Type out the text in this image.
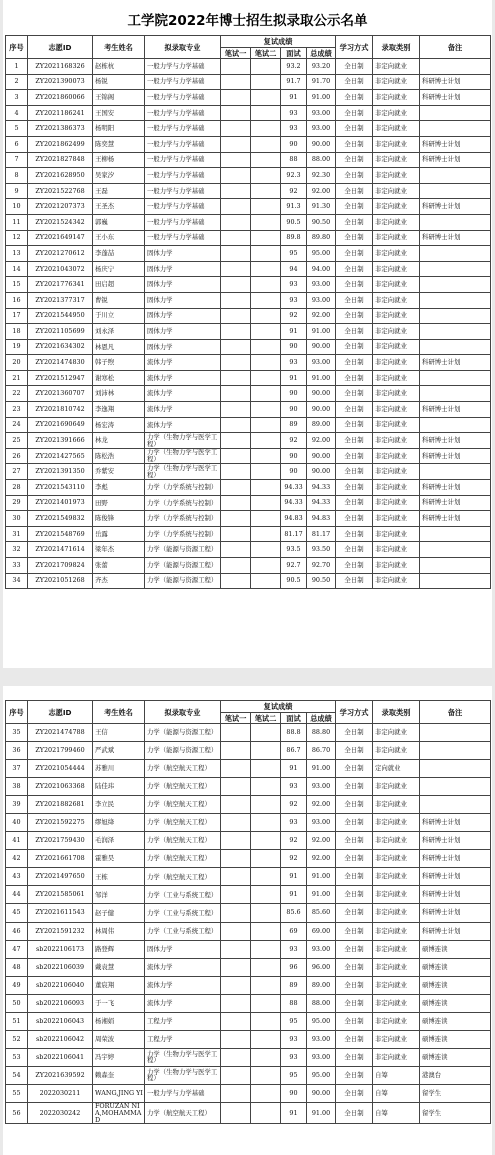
工学院2022年博士招生拟录取公示名单
序号	志愿ID	考生姓名	拟录取专业	复试成绩				学习方式	录取类别	备注
				笔试一	笔试二	面试	总成绩			
1	ZY2021168326	赵栋杭	一般力学与力学基础			93.2	93.20	全日制	非定向就业	
2	ZY2021390073	杨锐	一般力学与力学基础			91.7	91.70	全日制	非定向就业	科研博士计划
3	ZY2021860066	王锦阁	一般力学与力学基础			91	91.00	全日制	非定向就业	科研博士计划
4	ZY2021186241	王国安	一般力学与力学基础			93	93.00	全日制	非定向就业	
5	ZY2021386373	杨明阳	一般力学与力学基础			93	93.00	全日制	非定向就业	
6	ZY2021862499	陈奕慧	一般力学与力学基础			90	90.00	全日制	非定向就业	科研博士计划
7	ZY2021827848	王柳杨	一般力学与力学基础			88	88.00	全日制	非定向就业	科研博士计划
8	ZY2021628950	吴家汐	一般力学与力学基础			92.3	92.30	全日制	非定向就业	
9	ZY2021522768	王磊	一般力学与力学基础			92	92.00	全日制	非定向就业	
10	ZY2021207373	王圣杰	一般力学与力学基础			91.3	91.30	全日制	非定向就业	科研博士计划
11	ZY2021524342	郭巍	一般力学与力学基础			90.5	90.50	全日制	非定向就业	
12	ZY2021649147	王小东	一般力学与力学基础			89.8	89.80	全日制	非定向就业	科研博士计划
13	ZY2021270612	李蓬喆	固体力学			95	95.00	全日制	非定向就业	
14	ZY2021043072	杨庆宁	固体力学			94	94.00	全日制	非定向就业	
15	ZY2021776341	田启超	固体力学			93	93.00	全日制	非定向就业	
16	ZY2021377317	曹锐	固体力学			93	93.00	全日制	非定向就业	
17	ZY2021544950	于川立	固体力学			92	92.00	全日制	非定向就业	
18	ZY2021105699	刘永泽	固体力学			91	91.00	全日制	非定向就业	
19	ZY2021634302	林恩凡	固体力学			90	90.00	全日制	非定向就业	
20	ZY2021474830	韩子煦	流体力学			93	93.00	全日制	非定向就业	科研博士计划
21	ZY2021512947	谢寒松	流体力学			91	91.00	全日制	非定向就业	
22	ZY2021360707	刘沛林	流体力学			90	90.00	全日制	非定向就业	
23	ZY2021810742	李逸翔	流体力学			90	90.00	全日制	非定向就业	科研博士计划
24	ZY2021690649	杨宏涛	流体力学			89	89.00	全日制	非定向就业	
25	ZY2021391666	林龙	力学（生物力学与医学工程）			92	92.00	全日制	非定向就业	科研博士计划
26	ZY2021427565	陈松浩	力学（生物力学与医学工程）			90	90.00	全日制	非定向就业	科研博士计划
27	ZY2021391350	乔紫安	力学（生物力学与医学工程）			90	90.00	全日制	非定向就业	
28	ZY2021543110	李彪	力学（力学系统与控制）			94.33	94.33	全日制	非定向就业	科研博士计划
29	ZY2021401973	田野	力学（力学系统与控制）			94.33	94.33	全日制	非定向就业	科研博士计划
30	ZY2021549832	陈俊锋	力学（力学系统与控制）			94.83	94.83	全日制	非定向就业	科研博士计划
31	ZY2021548769	岳露	力学（力学系统与控制）			81.17	81.17	全日制	非定向就业	
32	ZY2021471614	梁年杰	力学（能源与资源工程）			93.5	93.50	全日制	非定向就业	
33	ZY2021709824	张蕾	力学（能源与资源工程）			92.7	92.70	全日制	非定向就业	
34	ZY2021051268	齐杰	力学（能源与资源工程）			90.5	90.50	全日制	非定向就业	
序号	志愿ID	考生姓名	拟录取专业	复试成绩				学习方式	录取类别	备注
				笔试一	笔试二	面试	总成绩			
35	ZY2021474788	王信	力学（能源与资源工程）			88.8	88.80	全日制	非定向就业	
36	ZY2021799460	严武斌	力学（能源与资源工程）			86.7	86.70	全日制	非定向就业	
37	ZY2021054444	苏雅川	力学（航空航天工程）			91	91.00	全日制	定向就业	
38	ZY2021063368	陆佳玮	力学（航空航天工程）			93	93.00	全日制	非定向就业	
39	ZY2021882681	李立民	力学（航空航天工程）			92	92.00	全日制	非定向就业	
40	ZY2021592275	缪旭绛	力学（航空航天工程）			93	93.00	全日制	非定向就业	科研博士计划
41	ZY2021759430	毛润泽	力学（航空航天工程）			92	92.00	全日制	非定向就业	科研博士计划
42	ZY2021661708	霍雅昊	力学（航空航天工程）			92	92.00	全日制	非定向就业	科研博士计划
43	ZY2021497650	王栋	力学（航空航天工程）			91	91.00	全日制	非定向就业	科研博士计划
44	ZY2021585061	邹洋	力学（工业与系统工程）			91	91.00	全日制	非定向就业	科研博士计划
45	ZY2021611543	赵子健	力学（工业与系统工程）			85.6	85.60	全日制	非定向就业	科研博士计划
46	ZY2021591232	林周伟	力学（工业与系统工程）			69	69.00	全日制	非定向就业	科研博士计划
47	sb2022106173	路登辉	固体力学			93	93.00	全日制	非定向就业	硕博连读
48	sb2022106039	戴袁慧	流体力学			96	96.00	全日制	非定向就业	硕博连读
49	sb2022106040	董宸翔	流体力学			89	89.00	全日制	非定向就业	硕博连读
50	sb2022106093	于一飞	流体力学			88	88.00	全日制	非定向就业	硕博连读
51	sb2022106043	杨湘娟	工程力学			95	95.00	全日制	非定向就业	硕博连读
52	sb2022106042	周荣波	工程力学			93	93.00	全日制	非定向就业	硕博连读
53	sb2022106041	冯宇婷	力学（生物力学与医学工程）			93	93.00	全日制	非定向就业	硕博连读
54	ZY2021639592	赖森奎	力学（生物力学与医学工程）			95	95.00	全日制	自筹	港澳台
55	2022030211	WANG,JING YI	一般力学与力学基础			90	90.00	全日制	自筹	留学生
56	2022030242	FORUZAN NIA,MOHAMMAD	力学（航空航天工程）			91	91.00	全日制	自筹	留学生
